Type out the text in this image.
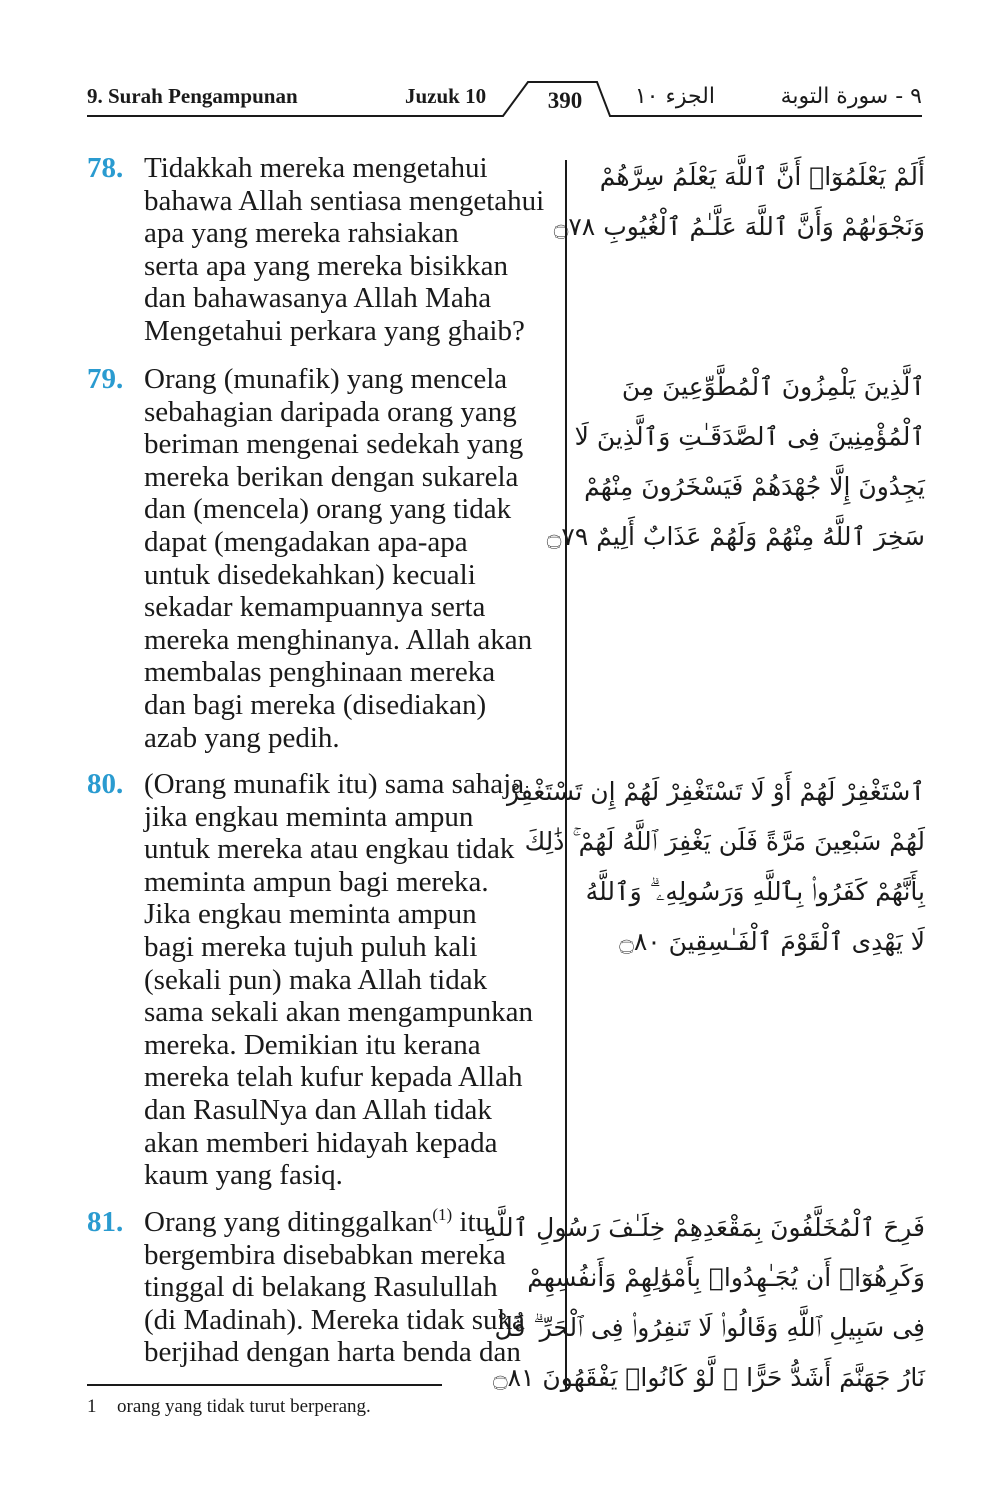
9. Surah Pengampunan	Juzuk 10	390	الجزء ١٠	٩ - سورة التوبة
78. Tidakkah mereka mengetahui
bahawa Allah sentiasa mengetahui
apa yang mereka rahsiakan
serta apa yang mereka bisikkan
dan bahawasanya Allah Maha
Mengetahui perkara yang ghaib?
أَلَمْ يَعْلَمُوٓا۟ أَنَّ ٱللَّهَ يَعْلَمُ سِرَّهُمْ
وَنَجْوَىٰهُمْ وَأَنَّ ٱللَّهَ عَلَّـٰمُ ٱلْغُيُوبِ ۝٧٨
79. Orang (munafik) yang mencela
sebahagian daripada orang yang
beriman mengenai sedekah yang
mereka berikan dengan sukarela
dan (mencela) orang yang tidak
dapat (mengadakan apa-apa
untuk disedekahkan) kecuali
sekadar kemampuannya serta
mereka menghinanya. Allah akan
membalas penghinaan mereka
dan bagi mereka (disediakan)
azab yang pedih.
ٱلَّذِينَ يَلْمِزُونَ ٱلْمُطَّوِّعِينَ مِنَ
ٱلْمُؤْمِنِينَ فِى ٱلصَّدَقَـٰتِ وَٱلَّذِينَ لَا
يَجِدُونَ إِلَّا جُهْدَهُمْ فَيَسْخَرُونَ مِنْهُمْ
سَخِرَ ٱللَّهُ مِنْهُمْ وَلَهُمْ عَذَابٌ أَلِيمٌ ۝٧٩
80. (Orang munafik itu) sama sahaja
jika engkau meminta ampun
untuk mereka atau engkau tidak
meminta ampun bagi mereka.
Jika engkau meminta ampun
bagi mereka tujuh puluh kali
(sekali pun) maka Allah tidak
sama sekali akan mengampunkan
mereka. Demikian itu kerana
mereka telah kufur kepada Allah
dan RasulNya dan Allah tidak
akan memberi hidayah kepada
kaum yang fasiq.
ٱسْتَغْفِرْ لَهُمْ أَوْ لَا تَسْتَغْفِرْ لَهُمْ إِن تَسْتَغْفِرْ
لَهُمْ سَبْعِينَ مَرَّةً فَلَن يَغْفِرَ ٱللَّهُ لَهُمْ ۚ ذَٰلِكَ
بِأَنَّهُمْ كَفَرُوا۟ بِٱللَّهِ وَرَسُولِهِۦ ۗ وَٱللَّهُ
لَا يَهْدِى ٱلْقَوْمَ ٱلْفَـٰسِقِينَ ۝٨٠
81. Orang yang ditinggalkan$^{(1)}$ itu
bergembira disebabkan mereka
tinggal di belakang Rasulullah
(di Madinah). Mereka tidak suka
berjihad dengan harta benda dan
فَرِحَ ٱلْمُخَلَّفُونَ بِمَقْعَدِهِمْ خِلَـٰفَ رَسُولِ ٱللَّهِ
وَكَرِهُوٓا۟ أَن يُجَـٰهِدُوا۟ بِأَمْوَٰلِهِمْ وَأَنفُسِهِمْ
فِى سَبِيلِ ٱللَّهِ وَقَالُوا۟ لَا تَنفِرُوا۟ فِى ٱلْحَرِّ ۗ قُلْ
نَارُ جَهَنَّمَ أَشَدُّ حَرًّا ۚ لَّوْ كَانُوا۟ يَفْقَهُونَ ۝٨١
1 orang yang tidak turut berperang.
